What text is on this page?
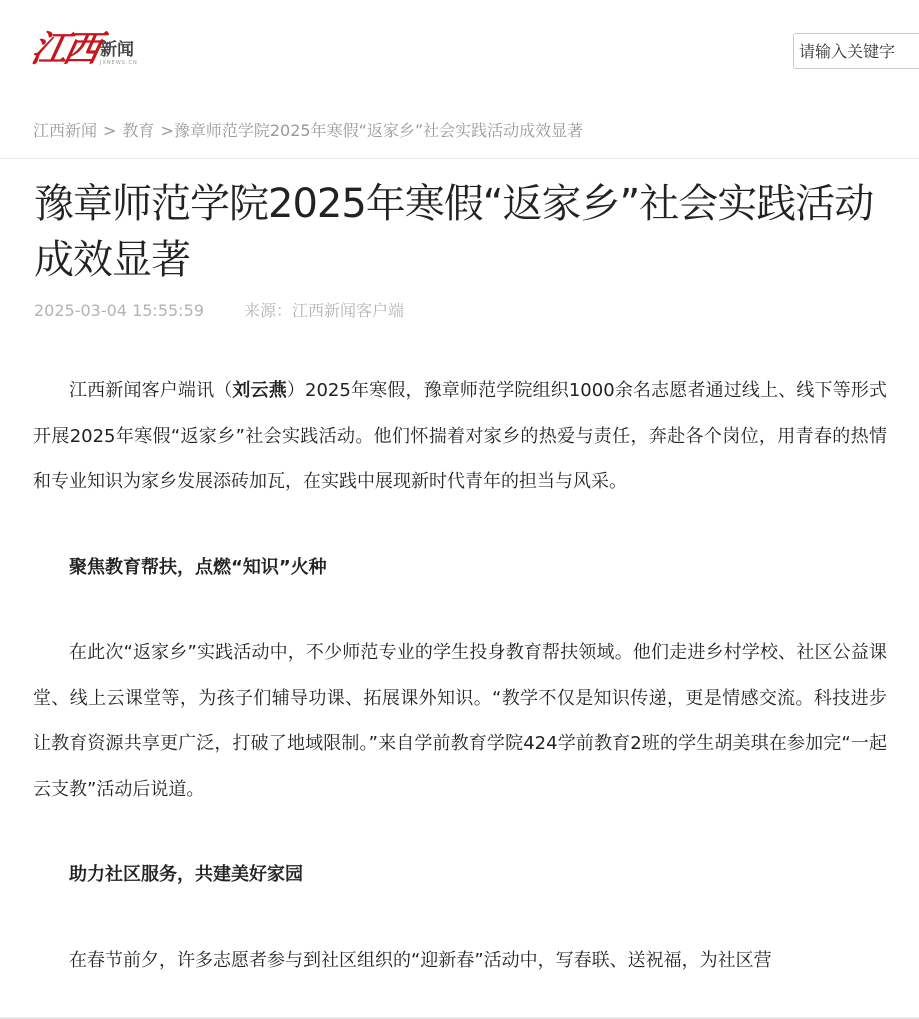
江西 新闻
JXNEWS.CN
请输入关键字
江西新闻 > 教育 >豫章师范学院2025年寒假“返家乡”社会实践活动成效显著
豫章师范学院2025年寒假“返家乡”社会实践活动成效显著
2025-03-04 15:55:59	来源：江西新闻客户端

江西新闻客户端讯（刘云燕）2025年寒假，豫章师范学院组织1000余名志愿者通过线上、线下等形式开展2025年寒假“返家乡”社会实践活动。他们怀揣着对家乡的热爱与责任，奔赴各个岗位，用青春的热情和专业知识为家乡发展添砖加瓦，在实践中展现新时代青年的担当与风采。

聚焦教育帮扶，点燃“知识”火种

在此次“返家乡”实践活动中，不少师范专业的学生投身教育帮扶领域。他们走进乡村学校、社区公益课堂、线上云课堂等，为孩子们辅导功课、拓展课外知识。“教学不仅是知识传递，更是情感交流。科技进步让教育资源共享更广泛，打破了地域限制。”来自学前教育学院424学前教育2班的学生胡美琪在参加完“一起云支教”活动后说道。

助力社区服务，共建美好家园

在春节前夕，许多志愿者参与到社区组织的“迎新春”活动中，写春联、送祝福，为社区营
